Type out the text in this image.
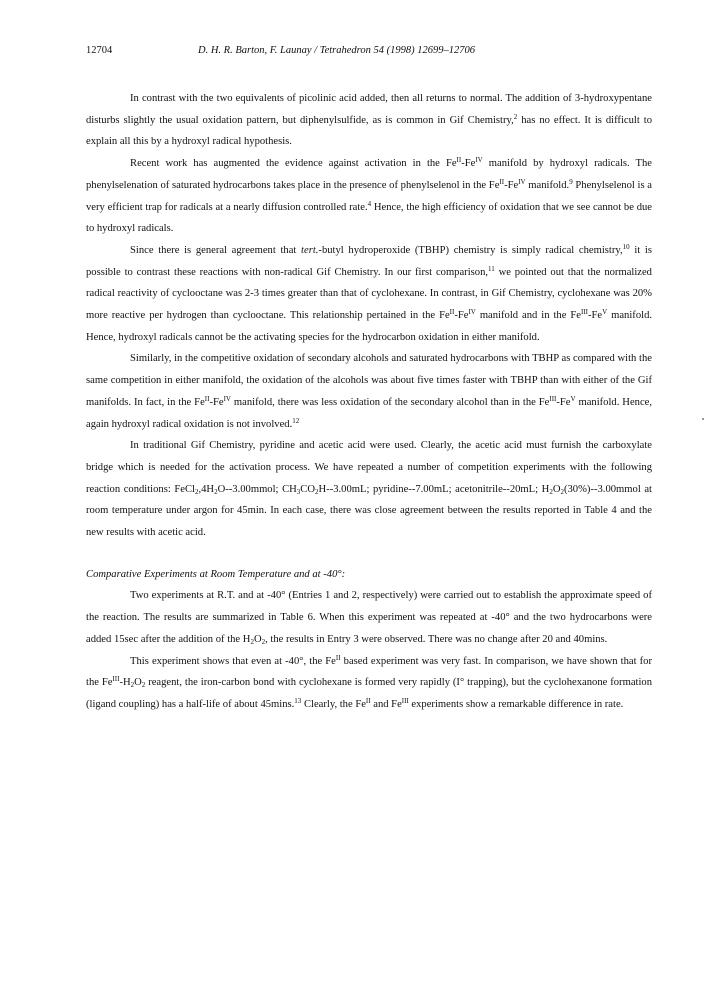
12704	D. H. R. Barton, F. Launay / Tetrahedron 54 (1998) 12699–12706

In contrast with the two equivalents of picolinic acid added, then all returns to normal. The addition of 3-hydroxypentane disturbs slightly the usual oxidation pattern, but diphenylsulfide, as is common in Gif Chemistry,$^2$ has no effect. It is difficult to explain all this by a hydroxyl radical hypothesis.

Recent work has augmented the evidence against activation in the $Fe^{II}-Fe^{IV}$ manifold by hydroxyl radicals. The phenylselenation of saturated hydrocarbons takes place in the presence of phenylselenol in the $Fe^{II}-Fe^{IV}$ manifold.$^9$ Phenylselenol is a very efficient trap for radicals at a nearly diffusion controlled rate.$^4$ Hence, the high efficiency of oxidation that we see cannot be due to hydroxyl radicals.

Since there is general agreement that tert.-butyl hydroperoxide (TBHP) chemistry is simply radical chemistry,$^{10}$ it is possible to contrast these reactions with non-radical Gif Chemistry. In our first comparison,$^{11}$ we pointed out that the normalized radical reactivity of cyclooctane was 2-3 times greater than that of cyclohexane. In contrast, in Gif Chemistry, cyclohexane was 20% more reactive per hydrogen than cyclooctane. This relationship pertained in the $Fe^{II}-Fe^{IV}$ manifold and in the $Fe^{III}-Fe^V$ manifold. Hence, hydroxyl radicals cannot be the activating species for the hydrocarbon oxidation in either manifold.

Similarly, in the competitive oxidation of secondary alcohols and saturated hydrocarbons with TBHP as compared with the same competition in either manifold, the oxidation of the alcohols was about five times faster with TBHP than with either of the Gif manifolds. In fact, in the $Fe^{II}-Fe^{IV}$ manifold, there was less oxidation of the secondary alcohol than in the $Fe^{III}-Fe^V$ manifold. Hence, again hydroxyl radical oxidation is not involved.$^{12}$

In traditional Gif Chemistry, pyridine and acetic acid were used. Clearly, the acetic acid must furnish the carboxylate bridge which is needed for the activation process. We have repeated a number of competition experiments with the following reaction conditions: $FeCl_2,4H_2O--3.00mmol$; $CH_3CO_2H--3.00mL$; pyridine--7.00mL; acetonitrile--20mL; $H_2O_2(30\%)--3.00mmol$ at room temperature under argon for 45min. In each case, there was close agreement between the results reported in Table 4 and the new results with acetic acid.

Comparative Experiments at Room Temperature and at -40°:

Two experiments at R.T. and at -40° (Entries 1 and 2, respectively) were carried out to establish the approximate speed of the reaction. The results are summarized in Table 6. When this experiment was repeated at -40° and the two hydrocarbons were added 15sec after the addition of the $H_2O_2$, the results in Entry 3 were observed. There was no change after 20 and 40mins.

This experiment shows that even at -40°, the $Fe^{II}$ based experiment was very fast. In comparison, we have shown that for the $Fe^{III}-H_2O_2$ reagent, the iron-carbon bond with cyclohexane is formed very rapidly (I° trapping), but the cyclohexanone formation (ligand coupling) has a half-life of about 45mins.$^{13}$ Clearly, the $Fe^{II}$ and $Fe^{III}$ experiments show a remarkable difference in rate.
